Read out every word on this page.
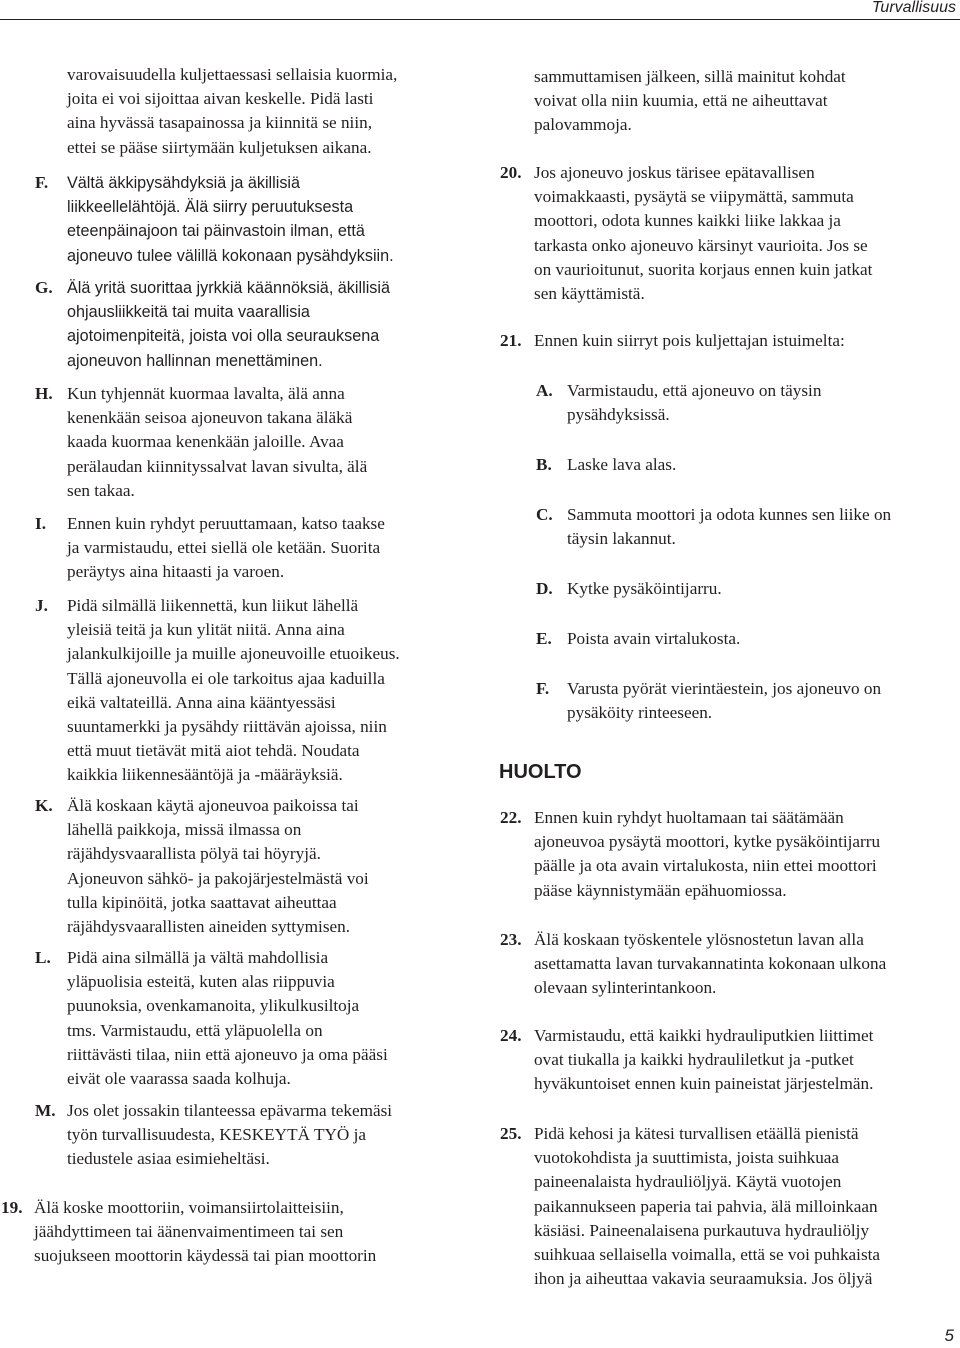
Turvallisuus
varovaisuudella kuljettaessasi sellaisia kuormia,
joita ei voi sijoittaa aivan keskelle. Pidä lasti
aina hyvässä tasapainossa ja kiinnitä se niin,
ettei se pääse siirtymään kuljetuksen aikana.
F. Vältä äkkipysähdyksiä ja äkillisiä
liikkeellelähtöjä. Älä siirry peruutuksesta
eteenpäinajoon tai päinvastoin ilman, että
ajoneuvo tulee välillä kokonaan pysähdyksiin.
G. Älä yritä suorittaa jyrkkiä käännöksiä, äkillisiä
ohjausliikkeitä tai muita vaarallisia
ajotoimenpiteitä, joista voi olla seurauksena
ajoneuvon hallinnan menettäminen.
H. Kun tyhjennät kuormaa lavalta, älä anna
kenenkään seisoa ajoneuvon takana äläkä
kaada kuormaa kenenkään jaloille. Avaa
perälaudan kiinnityssalvat lavan sivulta, älä
sen takaa.
I. Ennen kuin ryhdyt peruuttamaan, katso taakse
ja varmistaudu, ettei siellä ole ketään. Suorita
peräytys aina hitaasti ja varoen.
J. Pidä silmällä liikennettä, kun liikut lähellä
yleisiä teitä ja kun ylität niitä. Anna aina
jalankulkijoille ja muille ajoneuvoille etuoikeus.
Tällä ajoneuvolla ei ole tarkoitus ajaa kaduilla
eikä valtateillä. Anna aina kääntyessäsi
suuntamerkki ja pysähdy riittävän ajoissa, niin
että muut tietävät mitä aiot tehdä. Noudata
kaikkia liikennesääntöjä ja -määräyksiä.
K. Älä koskaan käytä ajoneuvoa paikoissa tai
lähellä paikkoja, missä ilmassa on
räjähdysvaarallista pölyä tai höyryjä.
Ajoneuvon sähkö- ja pakojärjestelmästä voi
tulla kipinöitä, jotka saattavat aiheuttaa
räjähdysvaarallisten aineiden syttymisen.
L. Pidä aina silmällä ja vältä mahdollisia
yläpuolisia esteitä, kuten alas riippuvia
puunoksia, ovenkamanoita, ylikulkusiltoja
tms. Varmistaudu, että yläpuolella on
riittävästi tilaa, niin että ajoneuvo ja oma pääsi
eivät ole vaarassa saada kolhuja.
M. Jos olet jossakin tilanteessa epävarma tekemäsi
työn turvallisuudesta, KESKEYTÄ TYÖ ja
tiedustele asiaa esimieheltäsi.
19. Älä koske moottoriin, voimansiirtolaitteisiin,
jäähdyttimeen tai äänenvaimentimeen tai sen
suojukseen moottorin käydessä tai pian moottorin
sammuttamisen jälkeen, sillä mainitut kohdat
voivat olla niin kuumia, että ne aiheuttavat
palovammoja.
20. Jos ajoneuvo joskus tärisee epätavallisen
voimakkaasti, pysäytä se viipymättä, sammuta
moottori, odota kunnes kaikki liike lakkaa ja
tarkasta onko ajoneuvo kärsinyt vaurioita. Jos se
on vaurioitunut, suorita korjaus ennen kuin jatkat
sen käyttämistä.
21. Ennen kuin siirryt pois kuljettajan istuimelta:
A. Varmistaudu, että ajoneuvo on täysin
pysähdyksissä.
B. Laske lava alas.
C. Sammuta moottori ja odota kunnes sen liike on
täysin lakannut.
D. Kytke pysäköintijarru.
E. Poista avain virtalukosta.
F. Varusta pyörät vierintäestein, jos ajoneuvo on
pysäköity rinteeseen.
HUOLTO
22. Ennen kuin ryhdyt huoltamaan tai säätämään
ajoneuvoa pysäytä moottori, kytke pysäköintijarru
päälle ja ota avain virtalukosta, niin ettei moottori
pääse käynnistymään epähuomiossa.
23. Älä koskaan työskentele ylösnostetun lavan alla
asettamatta lavan turvakannatinta kokonaan ulkona
olevaan sylinterintankoon.
24. Varmistaudu, että kaikki hydrauliputkien liittimet
ovat tiukalla ja kaikki hydrauliletkut ja -putket
hyväkuntoiset ennen kuin paineistat järjestelmän.
25. Pidä kehosi ja kätesi turvallisen etäällä pienistä
vuotokohdista ja suuttimista, joista suihkuaa
paineenalaista hydrauliöljyä. Käytä vuotojen
paikannukseen paperia tai pahvia, älä milloinkaan
käsiäsi. Paineenalaisena purkautuva hydrauliöljy
suihkuaa sellaisella voimalla, että se voi puhkaista
ihon ja aiheuttaa vakavia seuraamuksia. Jos öljyä
5
